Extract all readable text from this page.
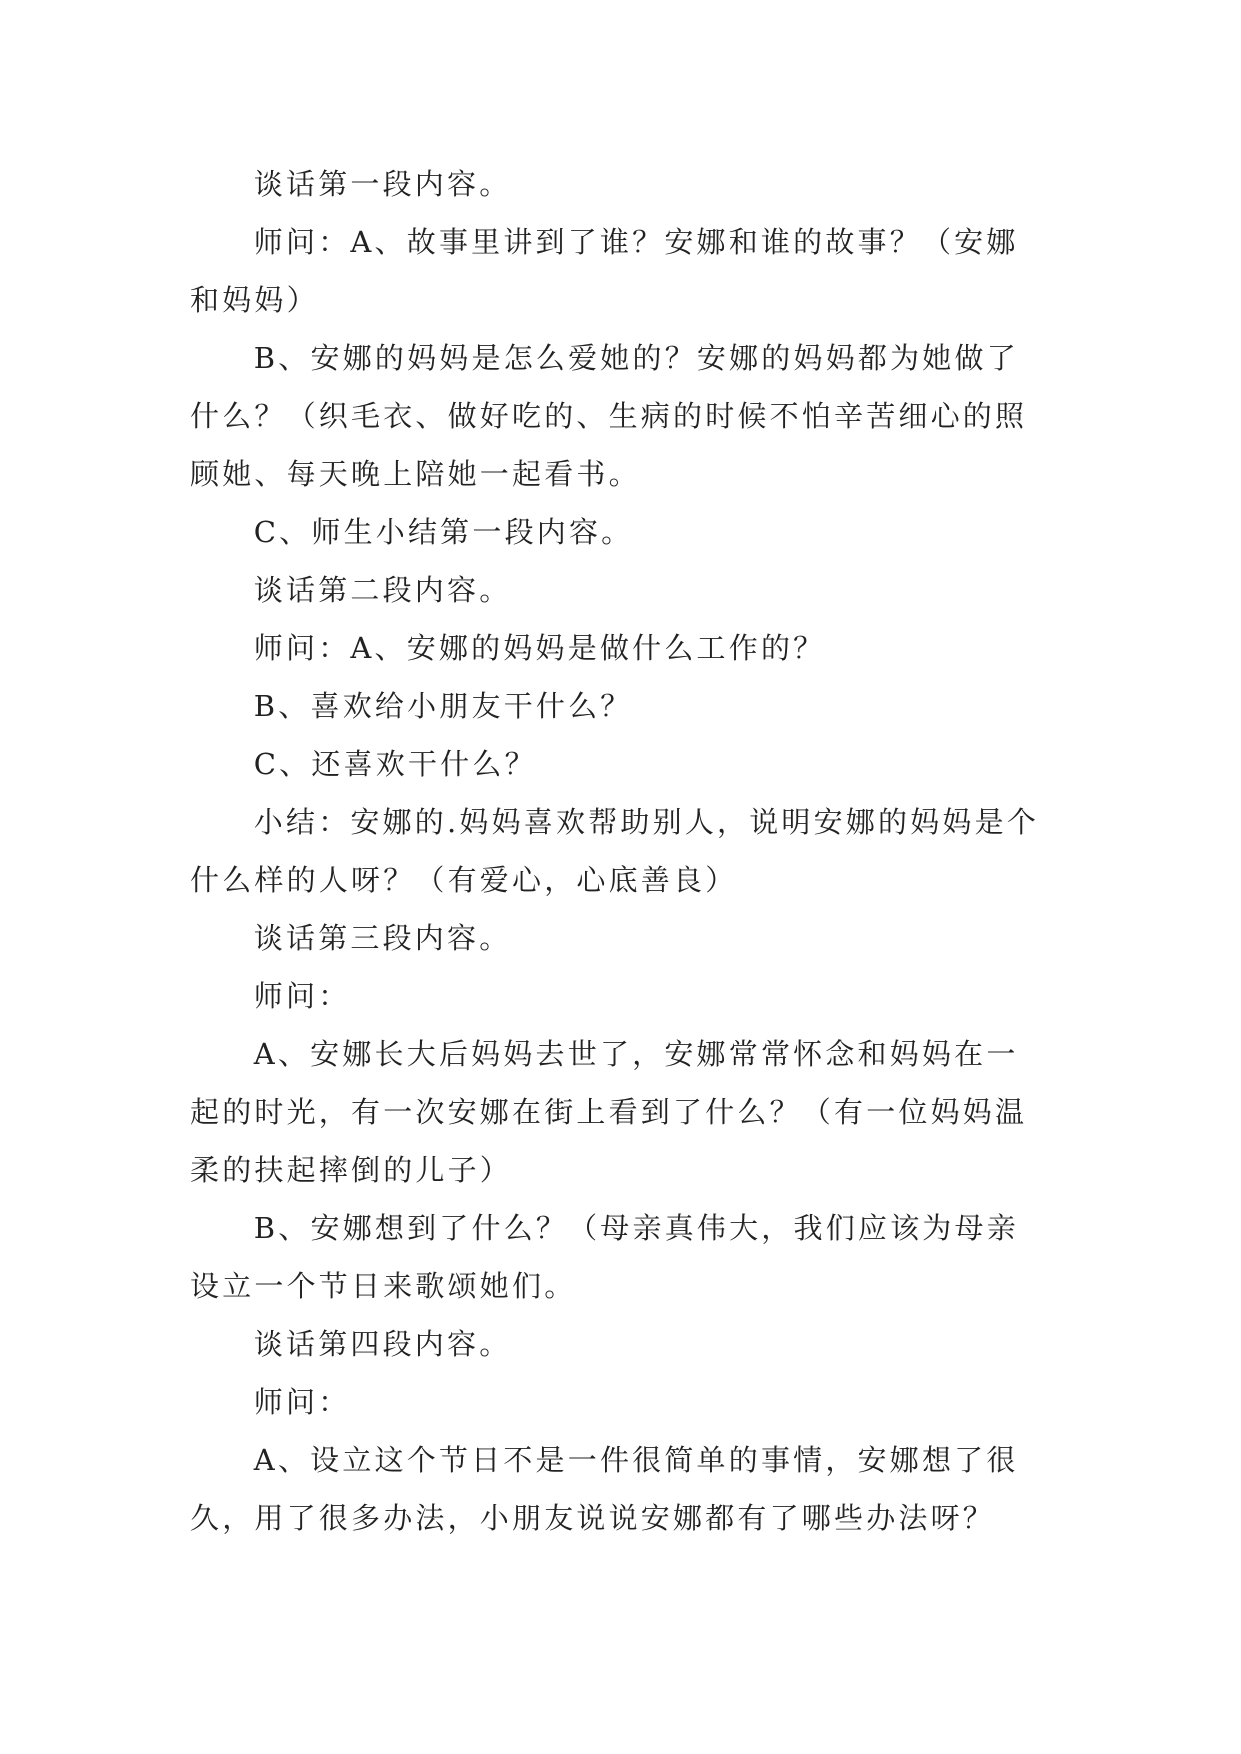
谈话第一段内容。

师问：A、故事里讲到了谁？安娜和谁的故事？（安娜和妈妈）

B、安娜的妈妈是怎么爱她的？安娜的妈妈都为她做了什么？（织毛衣、做好吃的、生病的时候不怕辛苦细心的照顾她、每天晚上陪她一起看书。

C、师生小结第一段内容。

谈话第二段内容。

师问：A、安娜的妈妈是做什么工作的？

B、喜欢给小朋友干什么？

C、还喜欢干什么？

小结：安娜的.妈妈喜欢帮助别人，说明安娜的妈妈是个什么样的人呀？（有爱心，心底善良）

谈话第三段内容。

师问：

A、安娜长大后妈妈去世了，安娜常常怀念和妈妈在一起的时光，有一次安娜在街上看到了什么？（有一位妈妈温柔的扶起摔倒的儿子）

B、安娜想到了什么？（母亲真伟大，我们应该为母亲设立一个节日来歌颂她们。

谈话第四段内容。

师问：

A、设立这个节日不是一件很简单的事情，安娜想了很久，用了很多办法，小朋友说说安娜都有了哪些办法呀？
